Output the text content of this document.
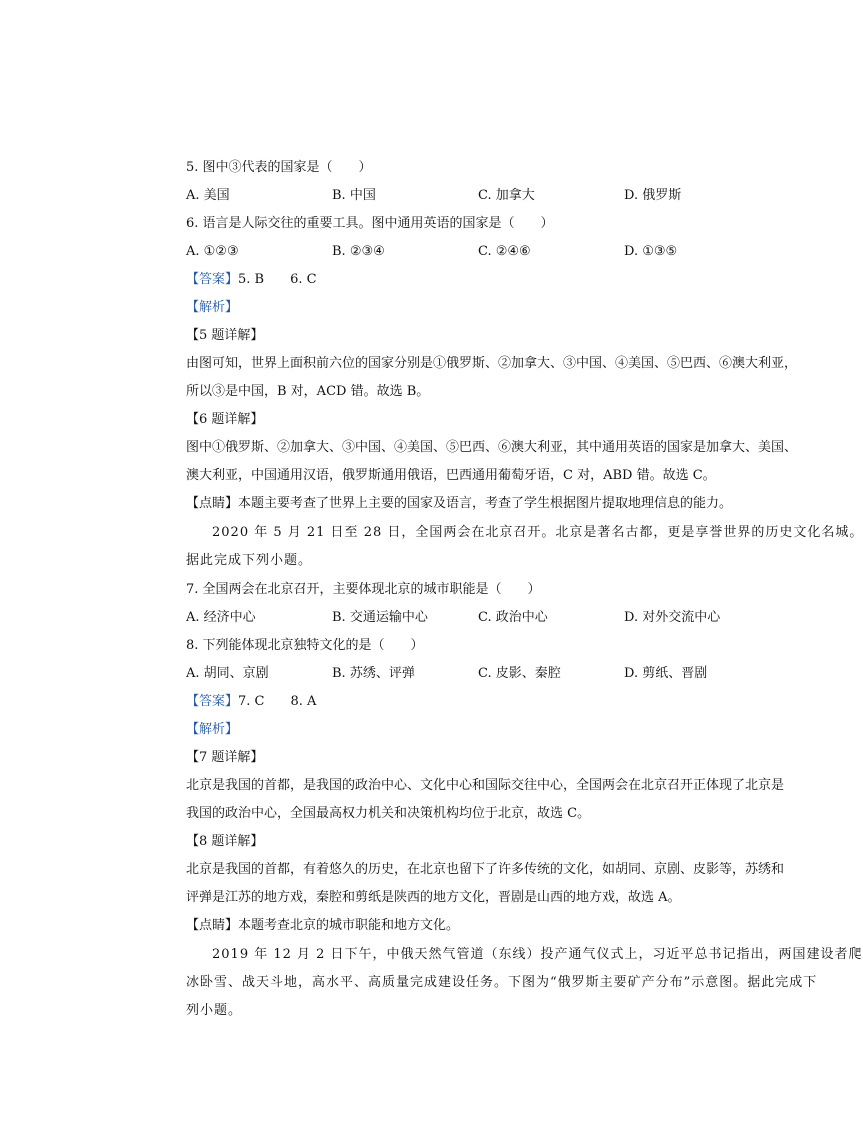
5. 图中③代表的国家是（　　）
A. 美国	B. 中国	C. 加拿大	D. 俄罗斯
6. 语言是人际交往的重要工具。图中通用英语的国家是（　　）
A. ①②③	B. ②③④	C. ②④⑥	D. ①③⑤
【答案】5. B　　6. C
【解析】
【5 题详解】
由图可知，世界上面积前六位的国家分别是①俄罗斯、②加拿大、③中国、④美国、⑤巴西、⑥澳大利亚，
所以③是中国，B 对，ACD 错。故选 B。
【6 题详解】
图中①俄罗斯、②加拿大、③中国、④美国、⑤巴西、⑥澳大利亚，其中通用英语的国家是加拿大、美国、
澳大利亚，中国通用汉语，俄罗斯通用俄语，巴西通用葡萄牙语，C 对，ABD 错。故选 C。
【点睛】本题主要考查了世界上主要的国家及语言，考查了学生根据图片提取地理信息的能力。
2020 年 5 月 21 日至 28 日，全国两会在北京召开。北京是著名古都，更是享誉世界的历史文化名城。
据此完成下列小题。
7. 全国两会在北京召开，主要体现北京的城市职能是（　　）
A. 经济中心	B. 交通运输中心	C. 政治中心	D. 对外交流中心
8. 下列能体现北京独特文化的是（　　）
A. 胡同、京剧	B. 苏绣、评弹	C. 皮影、秦腔	D. 剪纸、晋剧
【答案】7. C　　8. A
【解析】
【7 题详解】
北京是我国的首都，是我国的政治中心、文化中心和国际交往中心，全国两会在北京召开正体现了北京是
我国的政治中心，全国最高权力机关和决策机构均位于北京，故选 C。
【8 题详解】
北京是我国的首都，有着悠久的历史，在北京也留下了许多传统的文化，如胡同、京剧、皮影等，苏绣和
评弹是江苏的地方戏，秦腔和剪纸是陕西的地方文化，晋剧是山西的地方戏，故选 A。
【点睛】本题考查北京的城市职能和地方文化。
2019 年 12 月 2 日下午，中俄天然气管道（东线）投产通气仪式上，习近平总书记指出，两国建设者爬
冰卧雪、战天斗地，高水平、高质量完成建设任务。下图为“俄罗斯主要矿产分布”示意图。据此完成下
列小题。
